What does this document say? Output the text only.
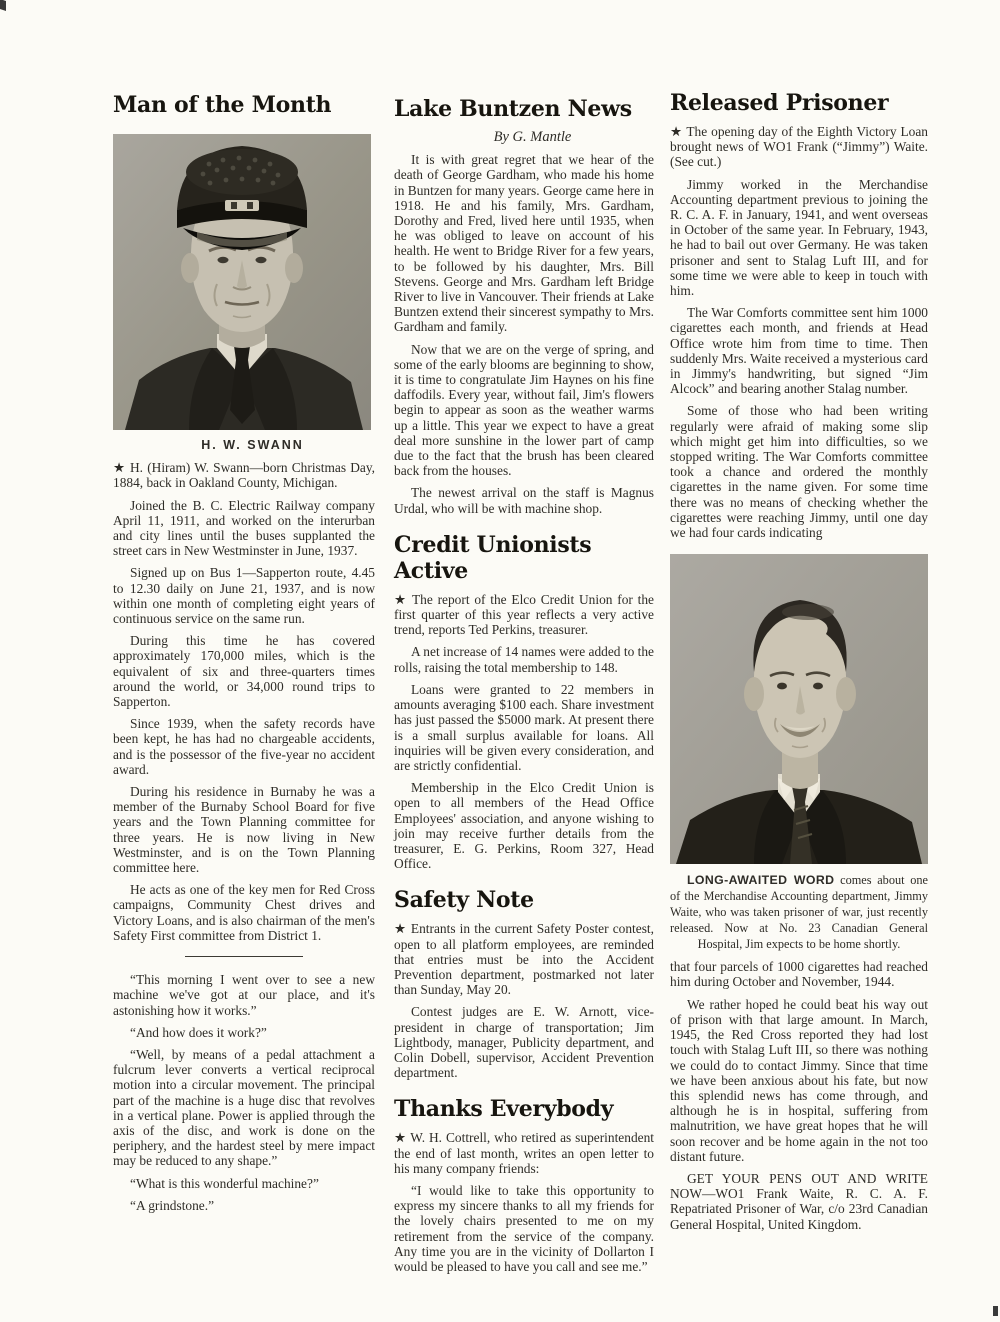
Man of the Month

H. W. SWANN

★ H. (Hiram) W. Swann—born Christmas Day, 1884, back in Oakland County, Michigan.

Joined the B. C. Electric Railway company April 11, 1911, and worked on the interurban and city lines until the buses supplanted the street cars in New Westminster in June, 1937.

Signed up on Bus 1—Sapperton route, 4.45 to 12.30 daily on June 21, 1937, and is now within one month of completing eight years of continuous service on the same run.

During this time he has covered approximately 170,000 miles, which is the equivalent of six and three-quarters times around the world, or 34,000 round trips to Sapperton.

Since 1939, when the safety records have been kept, he has had no chargeable accidents, and is the possessor of the five-year no accident award.

During his residence in Burnaby he was a member of the Burnaby School Board for five years and the Town Planning committee for three years. He is now living in New Westminster, and is on the Town Planning committee here.

He acts as one of the key men for Red Cross campaigns, Community Chest drives and Victory Loans, and is also chairman of the men's Safety First committee from District 1.

“This morning I went over to see a new machine we've got at our place, and it's astonishing how it works.”

“And how does it work?”

“Well, by means of a pedal attachment a fulcrum lever converts a vertical reciprocal motion into a circular movement. The principal part of the machine is a huge disc that revolves in a vertical plane. Power is applied through the axis of the disc, and work is done on the periphery, and the hardest steel by mere impact may be reduced to any shape.”

“What is this wonderful machine?”

“A grindstone.”

Lake Buntzen News

By G. Mantle

It is with great regret that we hear of the death of George Gardham, who made his home in Buntzen for many years. George came here in 1918. He and his family, Mrs. Gardham, Dorothy and Fred, lived here until 1935, when he was obliged to leave on account of his health. He went to Bridge River for a few years, to be followed by his daughter, Mrs. Bill Stevens. George and Mrs. Gardham left Bridge River to live in Vancouver. Their friends at Lake Buntzen extend their sincerest sympathy to Mrs. Gardham and family.

Now that we are on the verge of spring, and some of the early blooms are beginning to show, it is time to congratulate Jim Haynes on his fine daffodils. Every year, without fail, Jim's flowers begin to appear as soon as the weather warms up a little. This year we expect to have a great deal more sunshine in the lower part of camp due to the fact that the brush has been cleared back from the houses.

The newest arrival on the staff is Magnus Urdal, who will be with machine shop.

Credit Unionists Active

★ The report of the Elco Credit Union for the first quarter of this year reflects a very active trend, reports Ted Perkins, treasurer.

A net increase of 14 names were added to the rolls, raising the total membership to 148.

Loans were granted to 22 members in amounts averaging $100 each. Share investment has just passed the $5000 mark. At present there is a small surplus available for loans. All inquiries will be given every consideration, and are strictly confidential.

Membership in the Elco Credit Union is open to all members of the Head Office Employees' association, and anyone wishing to join may receive further details from the treasurer, E. G. Perkins, Room 327, Head Office.

Safety Note

★ Entrants in the current Safety Poster contest, open to all platform employees, are reminded that entries must be into the Accident Prevention department, postmarked not later than Sunday, May 20.

Contest judges are E. W. Arnott, vice-president in charge of transportation; Jim Lightbody, manager, Publicity department, and Colin Dobell, supervisor, Accident Prevention department.

Thanks Everybody

★ W. H. Cottrell, who retired as superintendent the end of last month, writes an open letter to his many company friends:

“I would like to take this opportunity to express my sincere thanks to all my friends for the lovely chairs presented to me on my retirement from the service of the company. Any time you are in the vicinity of Dollarton I would be pleased to have you call and see me.”

Released Prisoner

★ The opening day of the Eighth Victory Loan brought news of WO1 Frank (“Jimmy”) Waite. (See cut.)

Jimmy worked in the Merchandise Accounting department previous to joining the R. C. A. F. in January, 1941, and went overseas in October of the same year. In February, 1943, he had to bail out over Germany. He was taken prisoner and sent to Stalag Luft III, and for some time we were able to keep in touch with him.

The War Comforts committee sent him 1000 cigarettes each month, and friends at Head Office wrote him from time to time. Then suddenly Mrs. Waite received a mysterious card in Jimmy's handwriting, but signed “Jim Alcock” and bearing another Stalag number.

Some of those who had been writing regularly were afraid of making some slip which might get him into difficulties, so we stopped writing. The War Comforts committee took a chance and ordered the monthly cigarettes in the name given. For some time there was no means of checking whether the cigarettes were reaching Jimmy, until one day we had four cards indicating

LONG-AWAITED WORD comes about one of the Merchandise Accounting department, Jimmy Waite, who was taken prisoner of war, just recently released. Now at No. 23 Canadian General Hospital, Jim expects to be home shortly.

that four parcels of 1000 cigarettes had reached him during October and November, 1944.

We rather hoped he could beat his way out of prison with that large amount. In March, 1945, the Red Cross reported they had lost touch with Stalag Luft III, so there was nothing we could do to contact Jimmy. Since that time we have been anxious about his fate, but now this splendid news has come through, and although he is in hospital, suffering from malnutrition, we have great hopes that he will soon recover and be home again in the not too distant future.

GET YOUR PENS OUT AND WRITE NOW—WO1 Frank Waite, R. C. A. F. Repatriated Prisoner of War, c/o 23rd Canadian General Hospital, United Kingdom.
